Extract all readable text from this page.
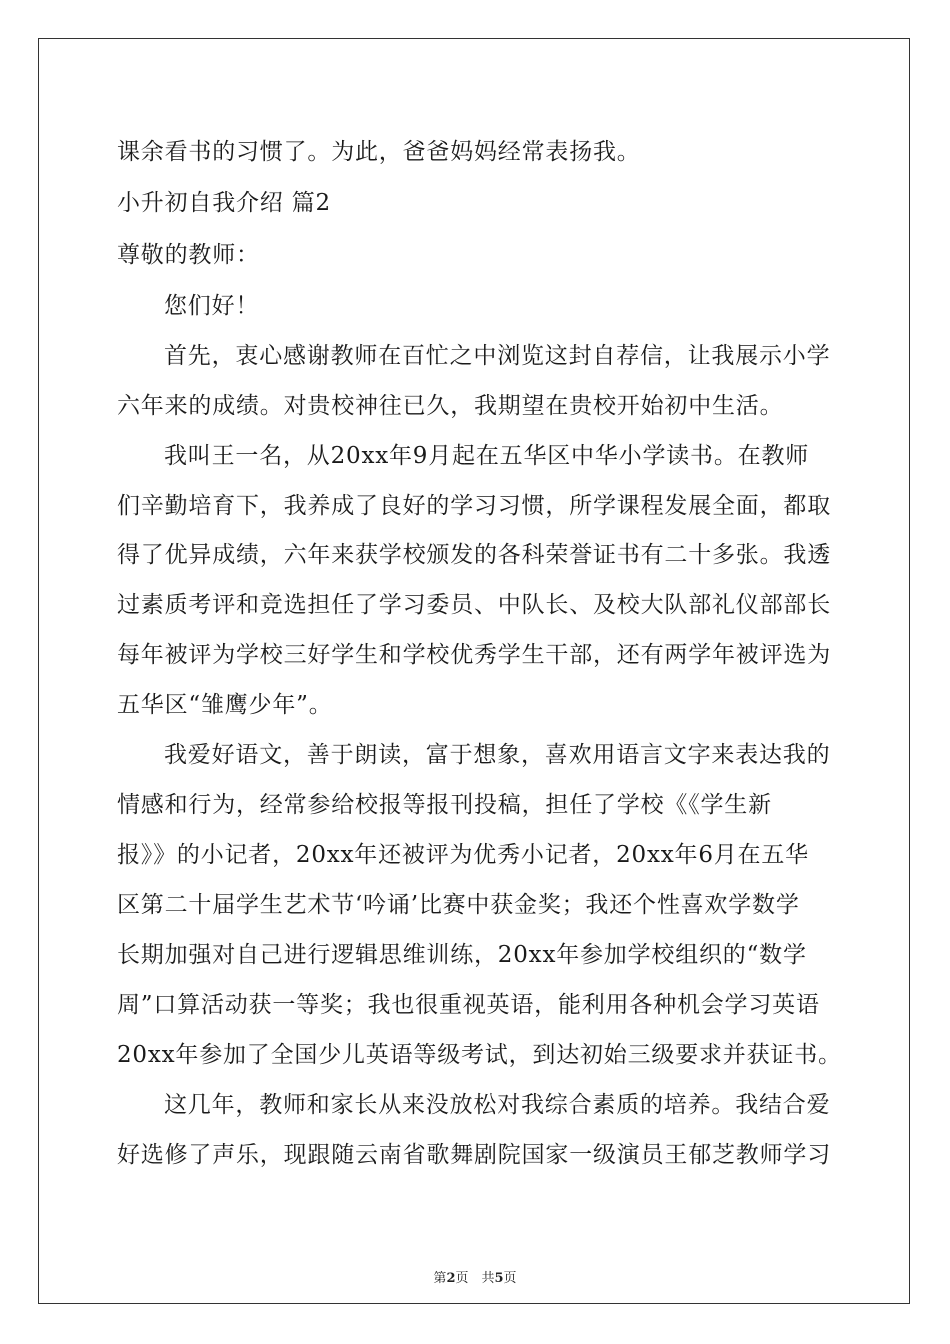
课余看书的习惯了。为此，爸爸妈妈经常表扬我。
小升初自我介绍 篇2
尊敬的教师：
您们好！
首先，衷心感谢教师在百忙之中浏览这封自荐信，让我展示小学
六年来的成绩。对贵校神往已久，我期望在贵校开始初中生活。
我叫王一名，从20xx年9月起在五华区中华小学读书。在教师
们辛勤培育下，我养成了良好的学习习惯，所学课程发展全面，都取
得了优异成绩，六年来获学校颁发的各科荣誉证书有二十多张。我透
过素质考评和竞选担任了学习委员、中队长、及校大队部礼仪部部长
每年被评为学校三好学生和学校优秀学生干部，还有两学年被评选为
五华区“雏鹰少年”。
我爱好语文，善于朗读，富于想象，喜欢用语言文字来表达我的
情感和行为，经常参给校报等报刊投稿，担任了学校《《学生新
报》》的小记者，20xx年还被评为优秀小记者，20xx年6月在五华
区第二十届学生艺术节‘吟诵’比赛中获金奖；我还个性喜欢学数学
长期加强对自己进行逻辑思维训练，20xx年参加学校组织的“数学
周”口算活动获一等奖；我也很重视英语，能利用各种机会学习英语
20xx年参加了全国少儿英语等级考试，到达初始三级要求并获证书。
这几年，教师和家长从来没放松对我综合素质的培养。我结合爱
好选修了声乐，现跟随云南省歌舞剧院国家一级演员王郁芝教师学习
第2页　共5页
